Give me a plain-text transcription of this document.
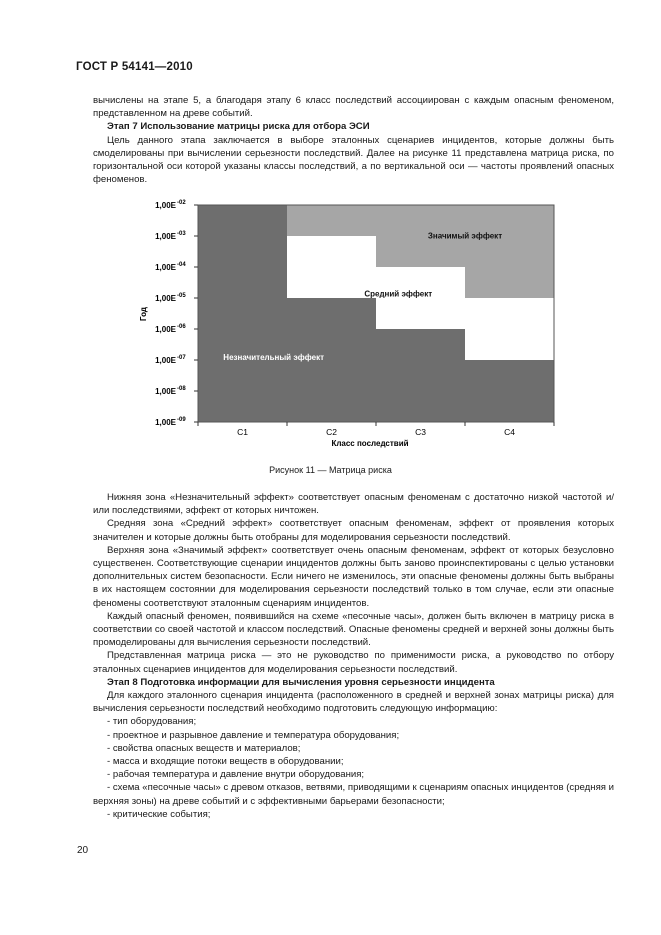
ГОСТ Р 54141—2010

вычислены на этапе 5, а благодаря этапу 6 класс последствий ассоциирован с каждым опасным феноменом, представленном на древе событий.

Этап 7 Использование матрицы риска для отбора ЭСИ

Цель данного этапа заключается в выборе эталонных сценариев инцидентов, которые должны быть смоделированы при вычислении серьезности последствий. Далее на рисунке 11 представлена матрица риска, по горизонтальной оси которой указаны классы последствий, а по вертикальной оси — частоты проявлений опасных феноменов.

1,00E -02
1,00E -03
1,00E -04
1,00E -05
1,00E -06
1,00E -07
1,00E -08
1,00E -09
C1	C2	C3	C4
Незначительный эффект
Средний эффект
Значимый эффект
Год
Класс последствий
Рисунок 11 — Матрица риска

Нижняя зона «Незначительный эффект» соответствует опасным феноменам с достаточно низкой частотой и/или последствиями, эффект от которых ничтожен.

Средняя зона «Средний эффект» соответствует опасным феноменам, эффект от проявления которых значителен и которые должны быть отобраны для моделирования серьезности последствий.

Верхняя зона «Значимый эффект» соответствует очень опасным феноменам, эффект от которых безусловно существенен. Соответствующие сценарии инцидентов должны быть заново проинспектированы с целью установки дополнительных систем безопасности. Если ничего не изменилось, эти опасные феномены должны быть выбраны в их настоящем состоянии для моделирования серьезности последствий только в том случае, если эти опасные феномены соответствуют эталонным сценариям инцидентов.

Каждый опасный феномен, появившийся на схеме «песочные часы», должен быть включен в матрицу риска в соответствии со своей частотой и классом последствий. Опасные феномены средней и верхней зоны должны быть промоделированы для вычисления серьезности последствий.

Представленная матрица риска — это не руководство по применимости риска, а руководство по отбору эталонных сценариев инцидентов для моделирования серьезности последствий.

Этап 8 Подготовка информации для вычисления уровня серьезности инцидента

Для каждого эталонного сценария инцидента (расположенного в средней и верхней зонах матрицы риска) для вычисления серьезности последствий необходимо подготовить следующую информацию:

- тип оборудования;

- проектное и разрывное давление и температура оборудования;

- свойства опасных веществ и материалов;

- масса и входящие потоки веществ в оборудовании;

- рабочая температура и давление внутри оборудования;

- схема «песочные часы» с древом отказов, ветвями, приводящими к сценариям опасных инцидентов (средняя и верхняя зоны) на древе событий и с эффективными барьерами безопасности;

- критические события;

20
